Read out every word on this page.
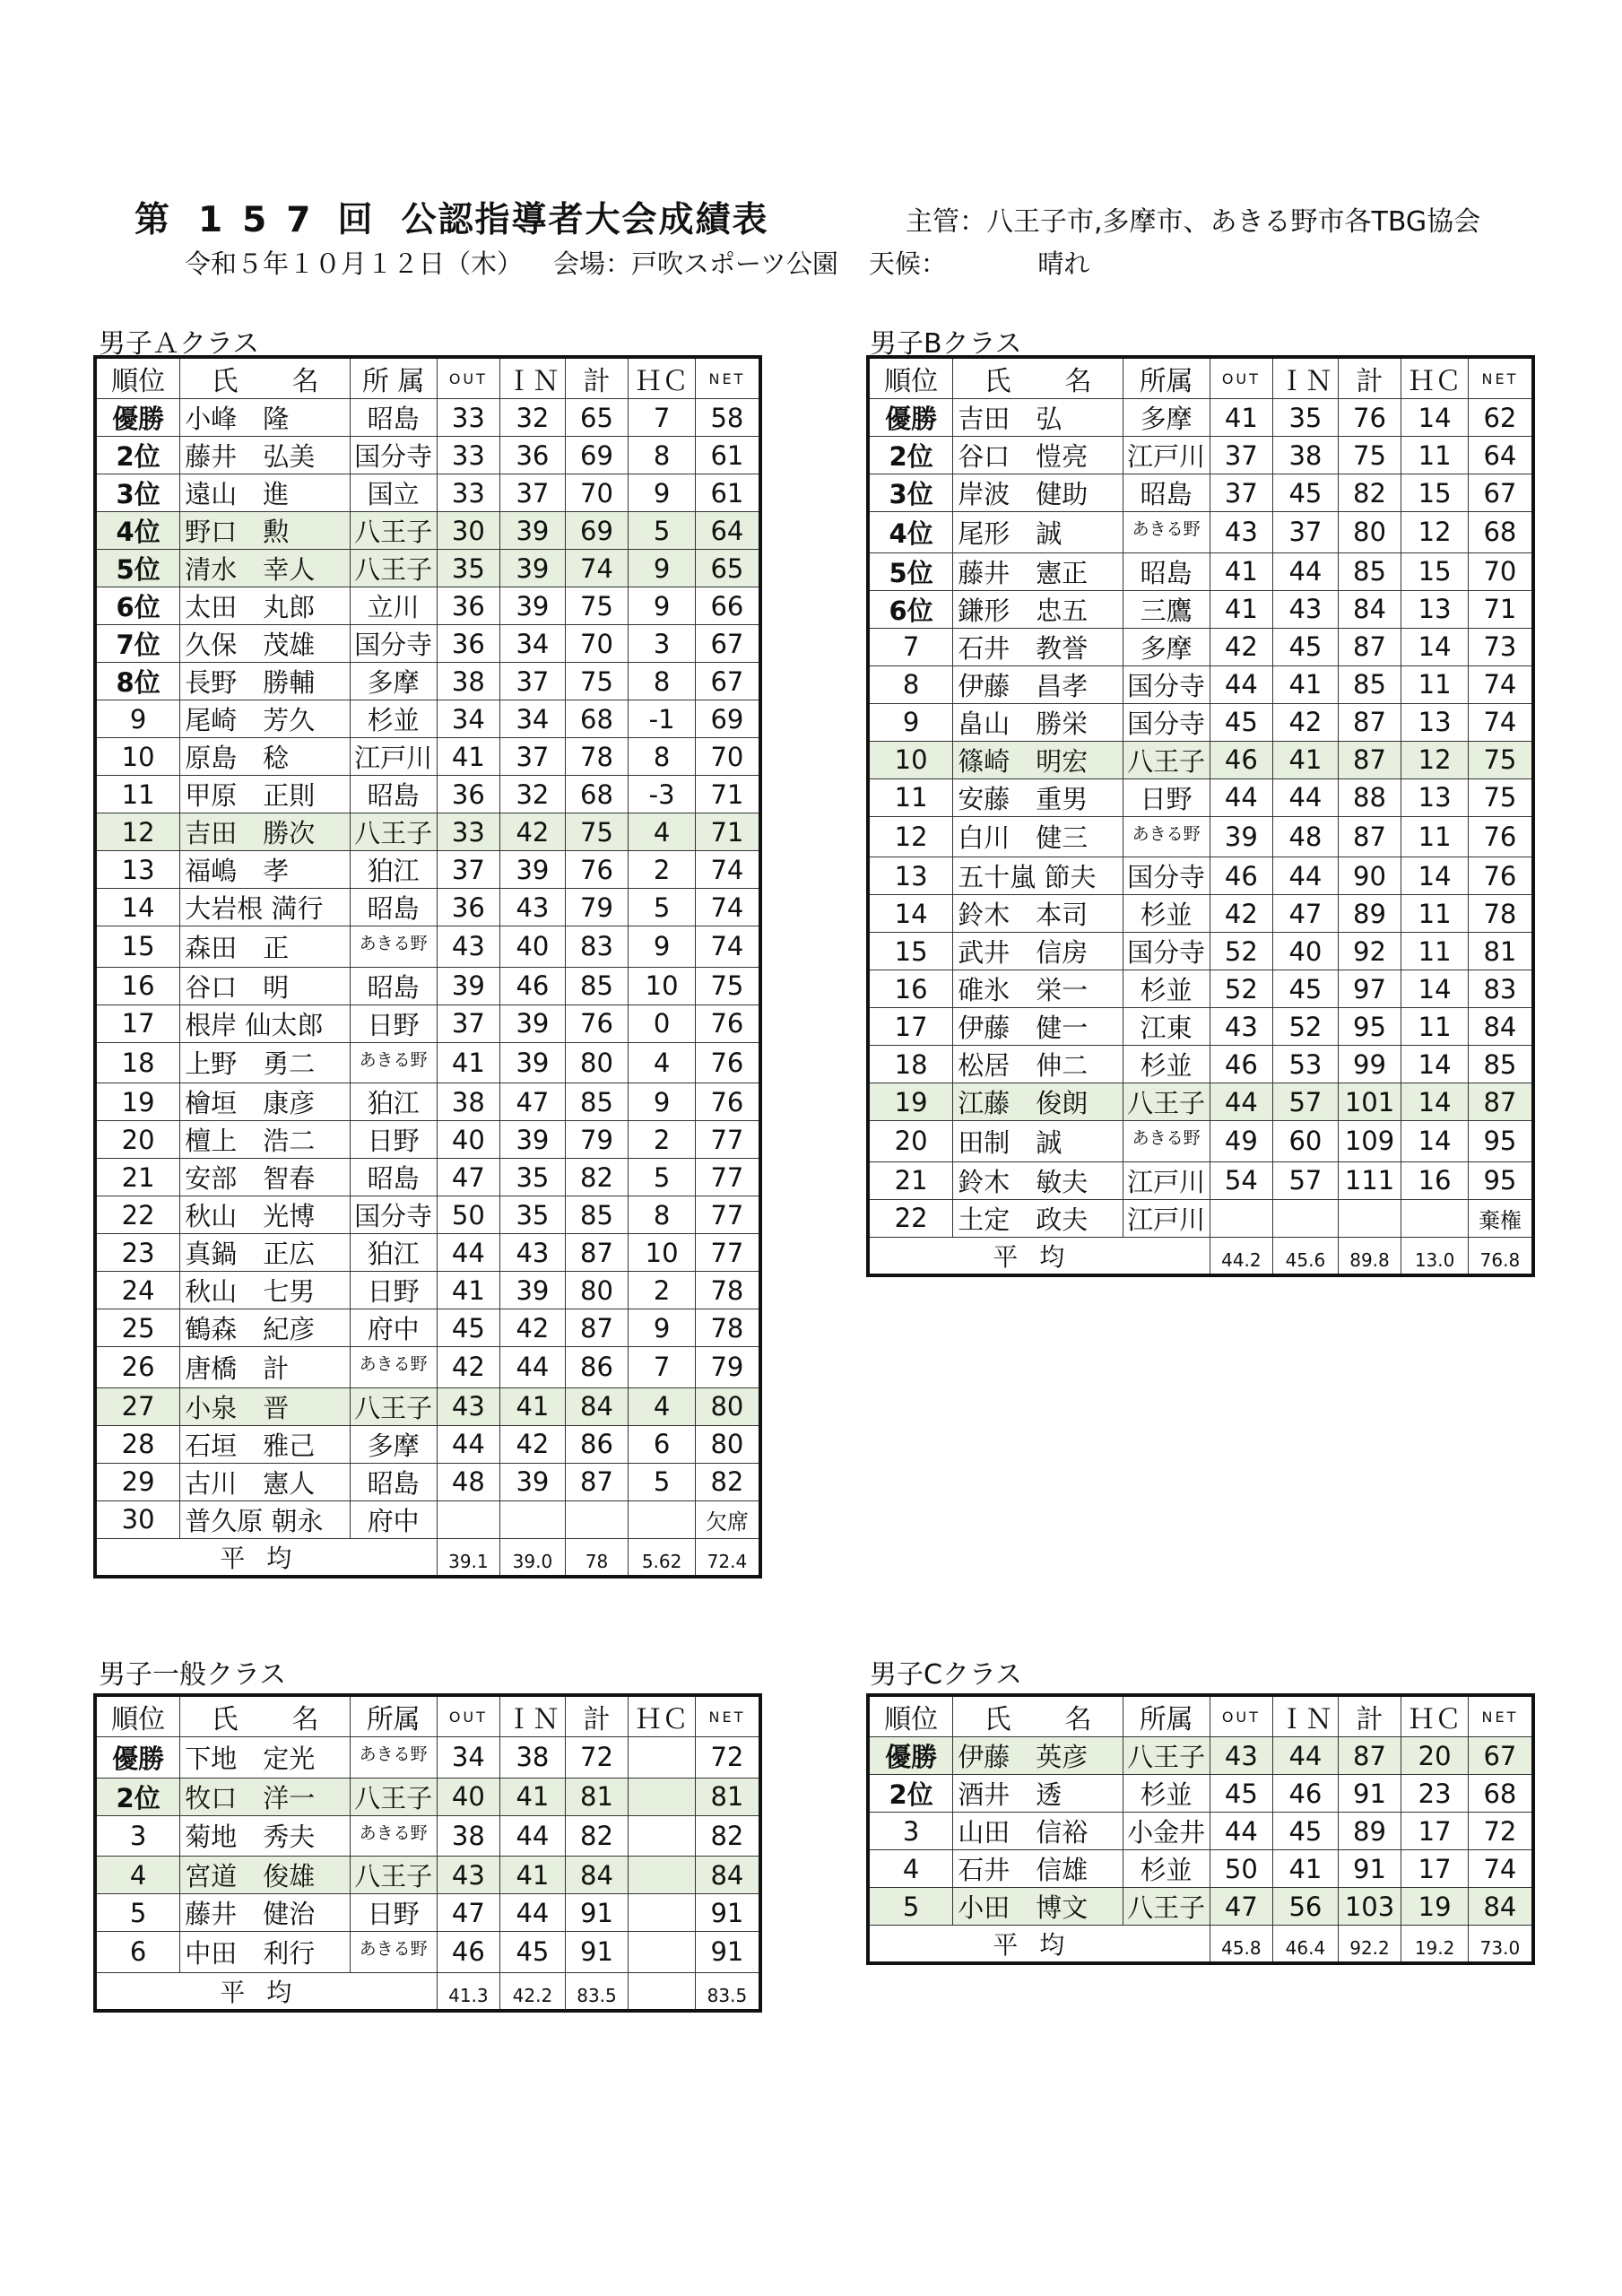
第 157 回 公認指導者大会成績表	主管：八王子市,多摩市、あきる野市各TBG協会
令和５年１０月１２日（木） 会場：戸吹スポーツ公園 天候：　　　　晴れ
男子Ａクラス	男子Bクラス
男子一般クラス	男子Cクラス
順位	氏　　名	所 属	OUT	ＩＮ	計	ＨＣ	NET
優勝	小峰　隆	昭島	33	32	65	7	58
2位	藤井　弘美	国分寺	33	36	69	8	61
3位	遠山　進	国立	33	37	70	9	61
4位	野口　勲	八王子	30	39	69	5	64
5位	清水　幸人	八王子	35	39	74	9	65
6位	太田　丸郎	立川	36	39	75	9	66
7位	久保　茂雄	国分寺	36	34	70	3	67
8位	長野　勝輔	多摩	38	37	75	8	67
9	尾崎　芳久	杉並	34	34	68	-1	69
10	原島　稔	江戸川	41	37	78	8	70
11	甲原　正則	昭島	36	32	68	-3	71
12	吉田　勝次	八王子	33	42	75	4	71
13	福嶋　孝	狛江	37	39	76	2	74
14	大岩根 満行	昭島	36	43	79	5	74
15	森田　正	あきる野	43	40	83	9	74
16	谷口　明	昭島	39	46	85	10	75
17	根岸 仙太郎	日野	37	39	76	0	76
18	上野　勇二	あきる野	41	39	80	4	76
19	檜垣　康彦	狛江	38	47	85	9	76
20	檀上　浩二	日野	40	39	79	2	77
21	安部　智春	昭島	47	35	82	5	77
22	秋山　光博	国分寺	50	35	85	8	77
23	真鍋　正広	狛江	44	43	87	10	77
24	秋山　七男	日野	41	39	80	2	78
25	鶴森　紀彦	府中	45	42	87	9	78
26	唐橋　計	あきる野	42	44	86	7	79
27	小泉　晋	八王子	43	41	84	4	80
28	石垣　雅己	多摩	44	42	86	6	80
29	古川　憲人	昭島	48	39	87	5	82
30	普久原 朝永	府中					欠席
平均			39.1	39.0	78	5.62	72.4
順位	氏　　名	所属	OUT	ＩＮ	計	ＨＣ	NET
優勝	吉田　弘	多摩	41	35	76	14	62
2位	谷口　愷亮	江戸川	37	38	75	11	64
3位	岸波　健助	昭島	37	45	82	15	67
4位	尾形　誠	あきる野	43	37	80	12	68
5位	藤井　憲正	昭島	41	44	85	15	70
6位	鎌形　忠五	三鷹	41	43	84	13	71
7	石井　教誉	多摩	42	45	87	14	73
8	伊藤　昌孝	国分寺	44	41	85	11	74
9	畠山　勝栄	国分寺	45	42	87	13	74
10	篠崎　明宏	八王子	46	41	87	12	75
11	安藤　重男	日野	44	44	88	13	75
12	白川　健三	あきる野	39	48	87	11	76
13	五十嵐 節夫	国分寺	46	44	90	14	76
14	鈴木　本司	杉並	42	47	89	11	78
15	武井　信房	国分寺	52	40	92	11	81
16	碓氷　栄一	杉並	52	45	97	14	83
17	伊藤　健一	江東	43	52	95	11	84
18	松居　伸二	杉並	46	53	99	14	85
19	江藤　俊朗	八王子	44	57	101	14	87
20	田制　誠	あきる野	49	60	109	14	95
21	鈴木　敏夫	江戸川	54	57	111	16	95
22	土定　政夫	江戸川					棄権
平均			44.2	45.6	89.8	13.0	76.8
順位	氏　　名	所属	OUT	ＩＮ	計	ＨＣ	NET
優勝	下地　定光	あきる野	34	38	72		72
2位	牧口　洋一	八王子	40	41	81		81
3	菊地　秀夫	あきる野	38	44	82		82
4	宮道　俊雄	八王子	43	41	84		84
5	藤井　健治	日野	47	44	91		91
6	中田　利行	あきる野	46	45	91		91
平均			41.3	42.2	83.5		83.5
順位	氏　　名	所属	OUT	ＩＮ	計	ＨＣ	NET
優勝	伊藤　英彦	八王子	43	44	87	20	67
2位	酒井　透	杉並	45	46	91	23	68
3	山田　信裕	小金井	44	45	89	17	72
4	石井　信雄	杉並	50	41	91	17	74
5	小田　博文	八王子	47	56	103	19	84
平均			45.8	46.4	92.2	19.2	73.0
